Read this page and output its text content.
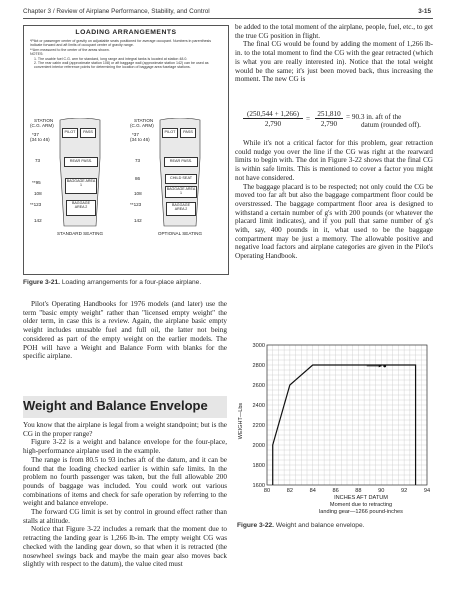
Chapter 3 / Review of Airplane Performance, Stability, and Control	3-15
LOADING ARRANGEMENTS
*Pilot or passenger center of gravity on adjustable seats positioned for average occupant. Numbers in parenthesis indicate forward and aft limits of occupant center of gravity range.
**Arm measured to the center of the areas shown.
NOTES:
1. The usable fuel C.G. arm for standard, long range and integral tanks is located at station 48.0.
2. The rear cabin wall (approximate station 108) or aft baggage wall (approximate station 142) can be used as convenient interior reference points for determining the location of baggage area fuselage stations.
STATION
(C.G. ARM)
*37
(34 to 46)
73
**95
108
**123
142
PILOT	PASS
REAR PASS.
BAGGAGE AREA 1
BAGGAGE AREA 2
STANDARD SEATING
STATION
(C.G. ARM)
*37
(34 to 46)
73
86
108
**123
142
PILOT	PASS
REAR PASS.
CHILD SEAT
BAGGAGE AREA 1
BAGGAGE AREA 2
OPTIONAL SEATING
Figure 3-21. Loading arrangements for a four-place airplane.

Pilot's Operating Handbooks for 1976 models (and later) use the term "basic empty weight" rather than "licensed empty weight" the older term, in case this is a review. Again, the airplane basic empty weight includes unusable fuel and full oil, the latter not being considered as part of the empty weight on the earlier models. The POH will have a Weight and Balance Form with blanks for the specific airplane.

Weight and Balance Envelope

You know that the airplane is legal from a weight standpoint; but is the CG in the proper range?

Figure 3-22 is a weight and balance envelope for the four-place, high-performance airplane used in the example.

The range is from 80.5 to 93 inches aft of the datum, and it can be found that the loading checked earlier is within safe limits. In the problem no fourth passenger was taken, but the full allowable 200 pounds of baggage was included. You could work out various combinations of items and check for safe operation by referring to the weight and balance envelope.

The forward CG limit is set by control in ground effect rather than stalls at altitude.

Notice that Figure 3-22 includes a remark that the moment due to retracting the landing gear is 1,266 lb-in. The empty weight CG was checked with the landing gear down, so that when it is retracted (the nosewheel swings back and maybe the main gear also moves back slightly with respect to the datum), the value cited must

be added to the total moment of the airplane, people, fuel, etc., to get the true CG position in flight.

The final CG would be found by adding the moment of 1,266 lb-in. to the total moment to find the CG with the gear retracted (which is what you are really interested in). Notice that the total weight would be the same; it's just been moved back, thus increasing the moment. The new CG is

(250,544 + 1,266)
2,790
=
251,810
2,790
= 90.3 in. aft of the
datum (rounded off).

While it's not a critical factor for this problem, gear retraction could nudge you over the line if the CG was right at the rearward limits to begin with. The dot in Figure 3-22 shows that the final CG is within safe limits. This is mentioned to cover a factor you might not have considered.

The baggage placard is to be respected; not only could the CG be moved too far aft but also the baggage compartment floor could be overstressed. The baggage compartment floor area is designed to withstand a certain number of g's with 200 pounds (or whatever the placard limit indicates), and if you pull that same number of g's with, say, 400 pounds in it, what used to be the baggage compartment may be just a memory. The allowable positive and negative load factors and airplane categories are given in the Pilot's Operating Handbook.

WEIGHT—Lbs
INCHES AFT DATUM
Moment due to retracting
landing gear—1266 pound-inches
80	82	84	86	88	90	92	94
1600
1800
2000
2200
2400
2600
2800
3000
Figure 3-22. Weight and balance envelope.
